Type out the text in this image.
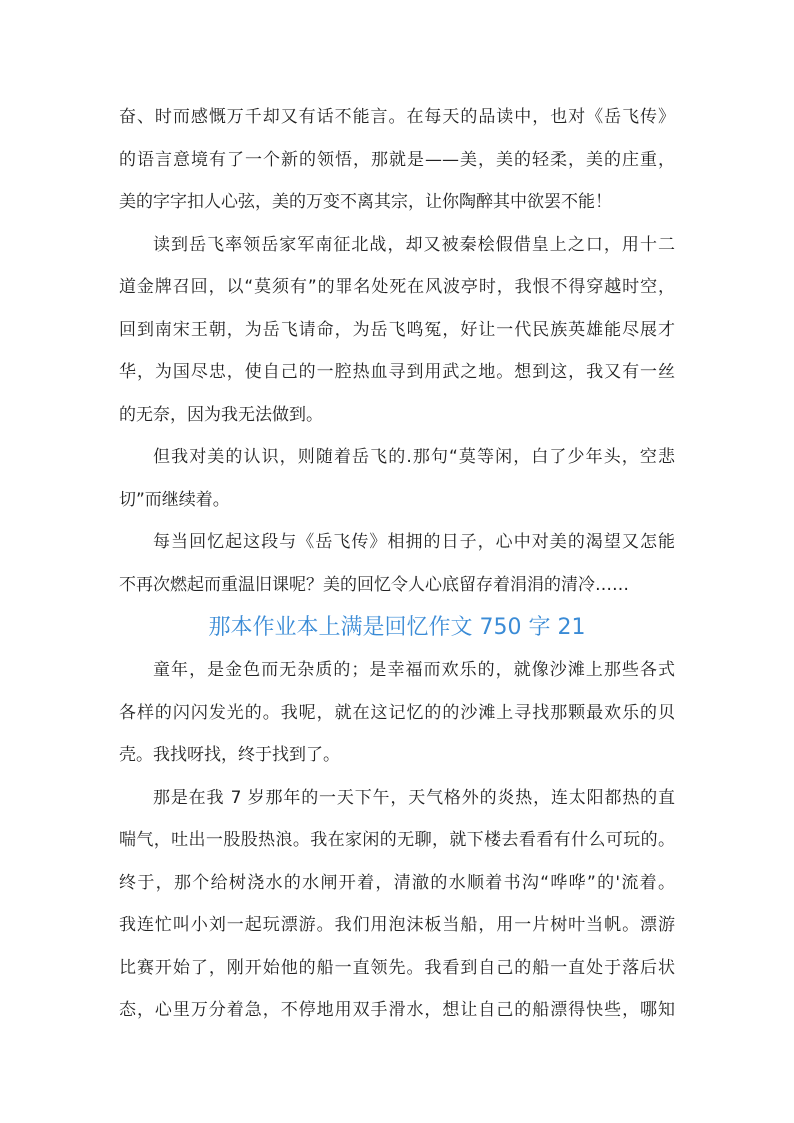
奋、时而感慨万千却又有话不能言。在每天的品读中，也对《岳飞传》
的语言意境有了一个新的领悟，那就是——美，美的轻柔，美的庄重，
美的字字扣人心弦，美的万变不离其宗，让你陶醉其中欲罢不能！
读到岳飞率领岳家军南征北战，却又被秦桧假借皇上之口，用十二
道金牌召回，以“莫须有”的罪名处死在风波亭时，我恨不得穿越时空，
回到南宋王朝，为岳飞请命，为岳飞鸣冤，好让一代民族英雄能尽展才
华，为国尽忠，使自己的一腔热血寻到用武之地。想到这，我又有一丝
的无奈，因为我无法做到。
但我对美的认识，则随着岳飞的.那句“莫等闲，白了少年头，空悲
切”而继续着。
每当回忆起这段与《岳飞传》相拥的日子，心中对美的渴望又怎能
不再次燃起而重温旧课呢？美的回忆令人心底留存着涓涓的清冷……
那本作业本上满是回忆作文 750 字 21
童年，是金色而无杂质的；是幸福而欢乐的，就像沙滩上那些各式
各样的闪闪发光的。我呢，就在这记忆的的沙滩上寻找那颗最欢乐的贝
壳。我找呀找，终于找到了。
那是在我 7 岁那年的一天下午，天气格外的炎热，连太阳都热的直
喘气，吐出一股股热浪。我在家闲的无聊，就下楼去看看有什么可玩的。
终于，那个给树浇水的水闸开着，清澈的水顺着书沟“哗哗”的'流着。
我连忙叫小刘一起玩漂游。我们用泡沫板当船，用一片树叶当帆。漂游
比赛开始了，刚开始他的船一直领先。我看到自己的船一直处于落后状
态，心里万分着急，不停地用双手滑水，想让自己的船漂得快些，哪知
